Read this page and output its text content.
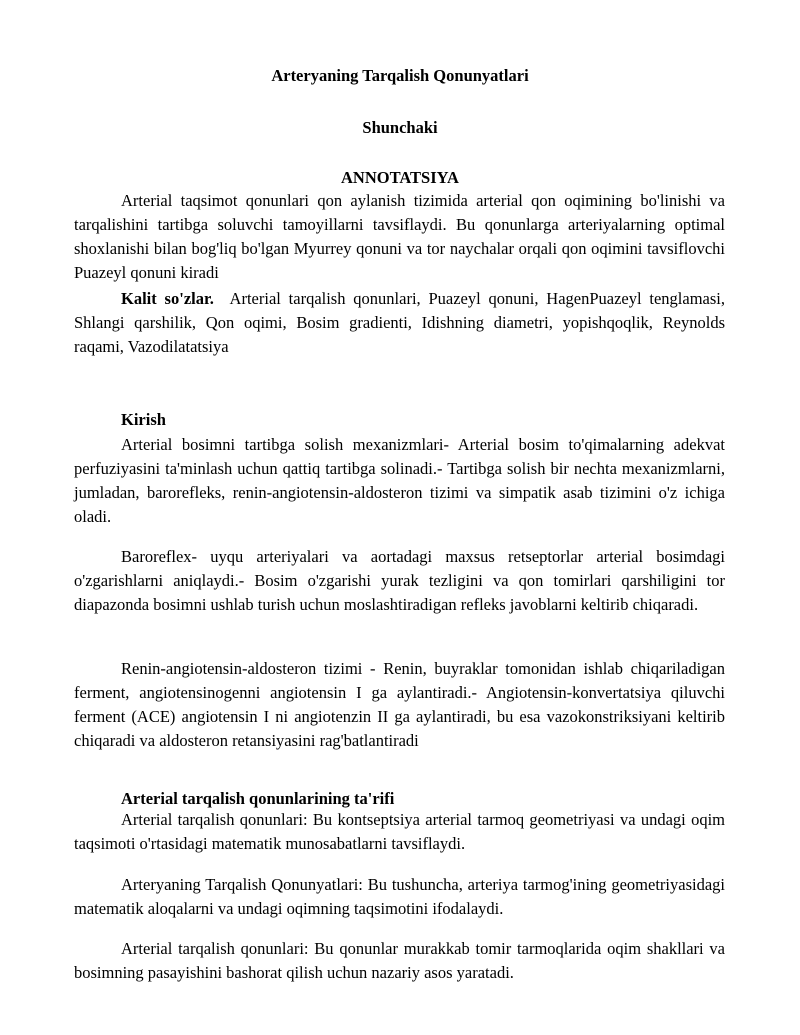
Arteryaning Tarqalish Qonunyatlari
Shunchaki
ANNOTATSIYA
Arterial taqsimot qonunlari qon aylanish tizimida arterial qon oqimining bo'linishi va tarqalishini tartibga soluvchi tamoyillarni tavsiflaydi. Bu qonunlarga arteriyalarning optimal shoxlanishi bilan bog'liq bo'lgan Myurrey qonuni va tor naychalar orqali qon oqimini tavsiflovchi Puazeyl qonuni kiradi
Kalit so'zlar. Arterial tarqalish qonunlari, Puazeyl qonuni, HagenPuazeyl tenglamasi, Shlangi qarshilik, Qon oqimi, Bosim gradienti, Idishning diametri, yopishqoqlik, Reynolds raqami, Vazodilatatsiya
Kirish
Arterial bosimni tartibga solish mexanizmlari- Arterial bosim to'qimalarning adekvat perfuziyasini ta'minlash uchun qattiq tartibga solinadi.- Tartibga solish bir nechta mexanizmlarni, jumladan, barorefleks, renin-angiotensin-aldosteron tizimi va simpatik asab tizimini o'z ichiga oladi.
Baroreflex- uyqu arteriyalari va aortadagi maxsus retseptorlar arterial bosimdagi o'zgarishlarni aniqlaydi.- Bosim o'zgarishi yurak tezligini va qon tomirlari qarshiligini tor diapazonda bosimni ushlab turish uchun moslashtiradigan refleks javoblarni keltirib chiqaradi.
Renin-angiotensin-aldosteron tizimi - Renin, buyraklar tomonidan ishlab chiqariladigan ferment, angiotensinogenni angiotensin I ga aylantiradi.- Angiotensin-konvertatsiya qiluvchi ferment (ACE) angiotensin I ni angiotenzin II ga aylantiradi, bu esa vazokonstriksiyani keltirib chiqaradi va aldosteron retansiyasini rag'batlantiradi
Arterial tarqalish qonunlarining ta'rifi
Arterial tarqalish qonunlari: Bu kontseptsiya arterial tarmoq geometriyasi va undagi oqim taqsimoti o'rtasidagi matematik munosabatlarni tavsiflaydi.
Arteryaning Tarqalish Qonunyatlari: Bu tushuncha, arteriya tarmog'ining geometriyasidagi matematik aloqalarni va undagi oqimning taqsimotini ifodalaydi.
Arterial tarqalish qonunlari: Bu qonunlar murakkab tomir tarmoqlarida oqim shakllari va bosimning pasayishini bashorat qilish uchun nazariy asos yaratadi.
